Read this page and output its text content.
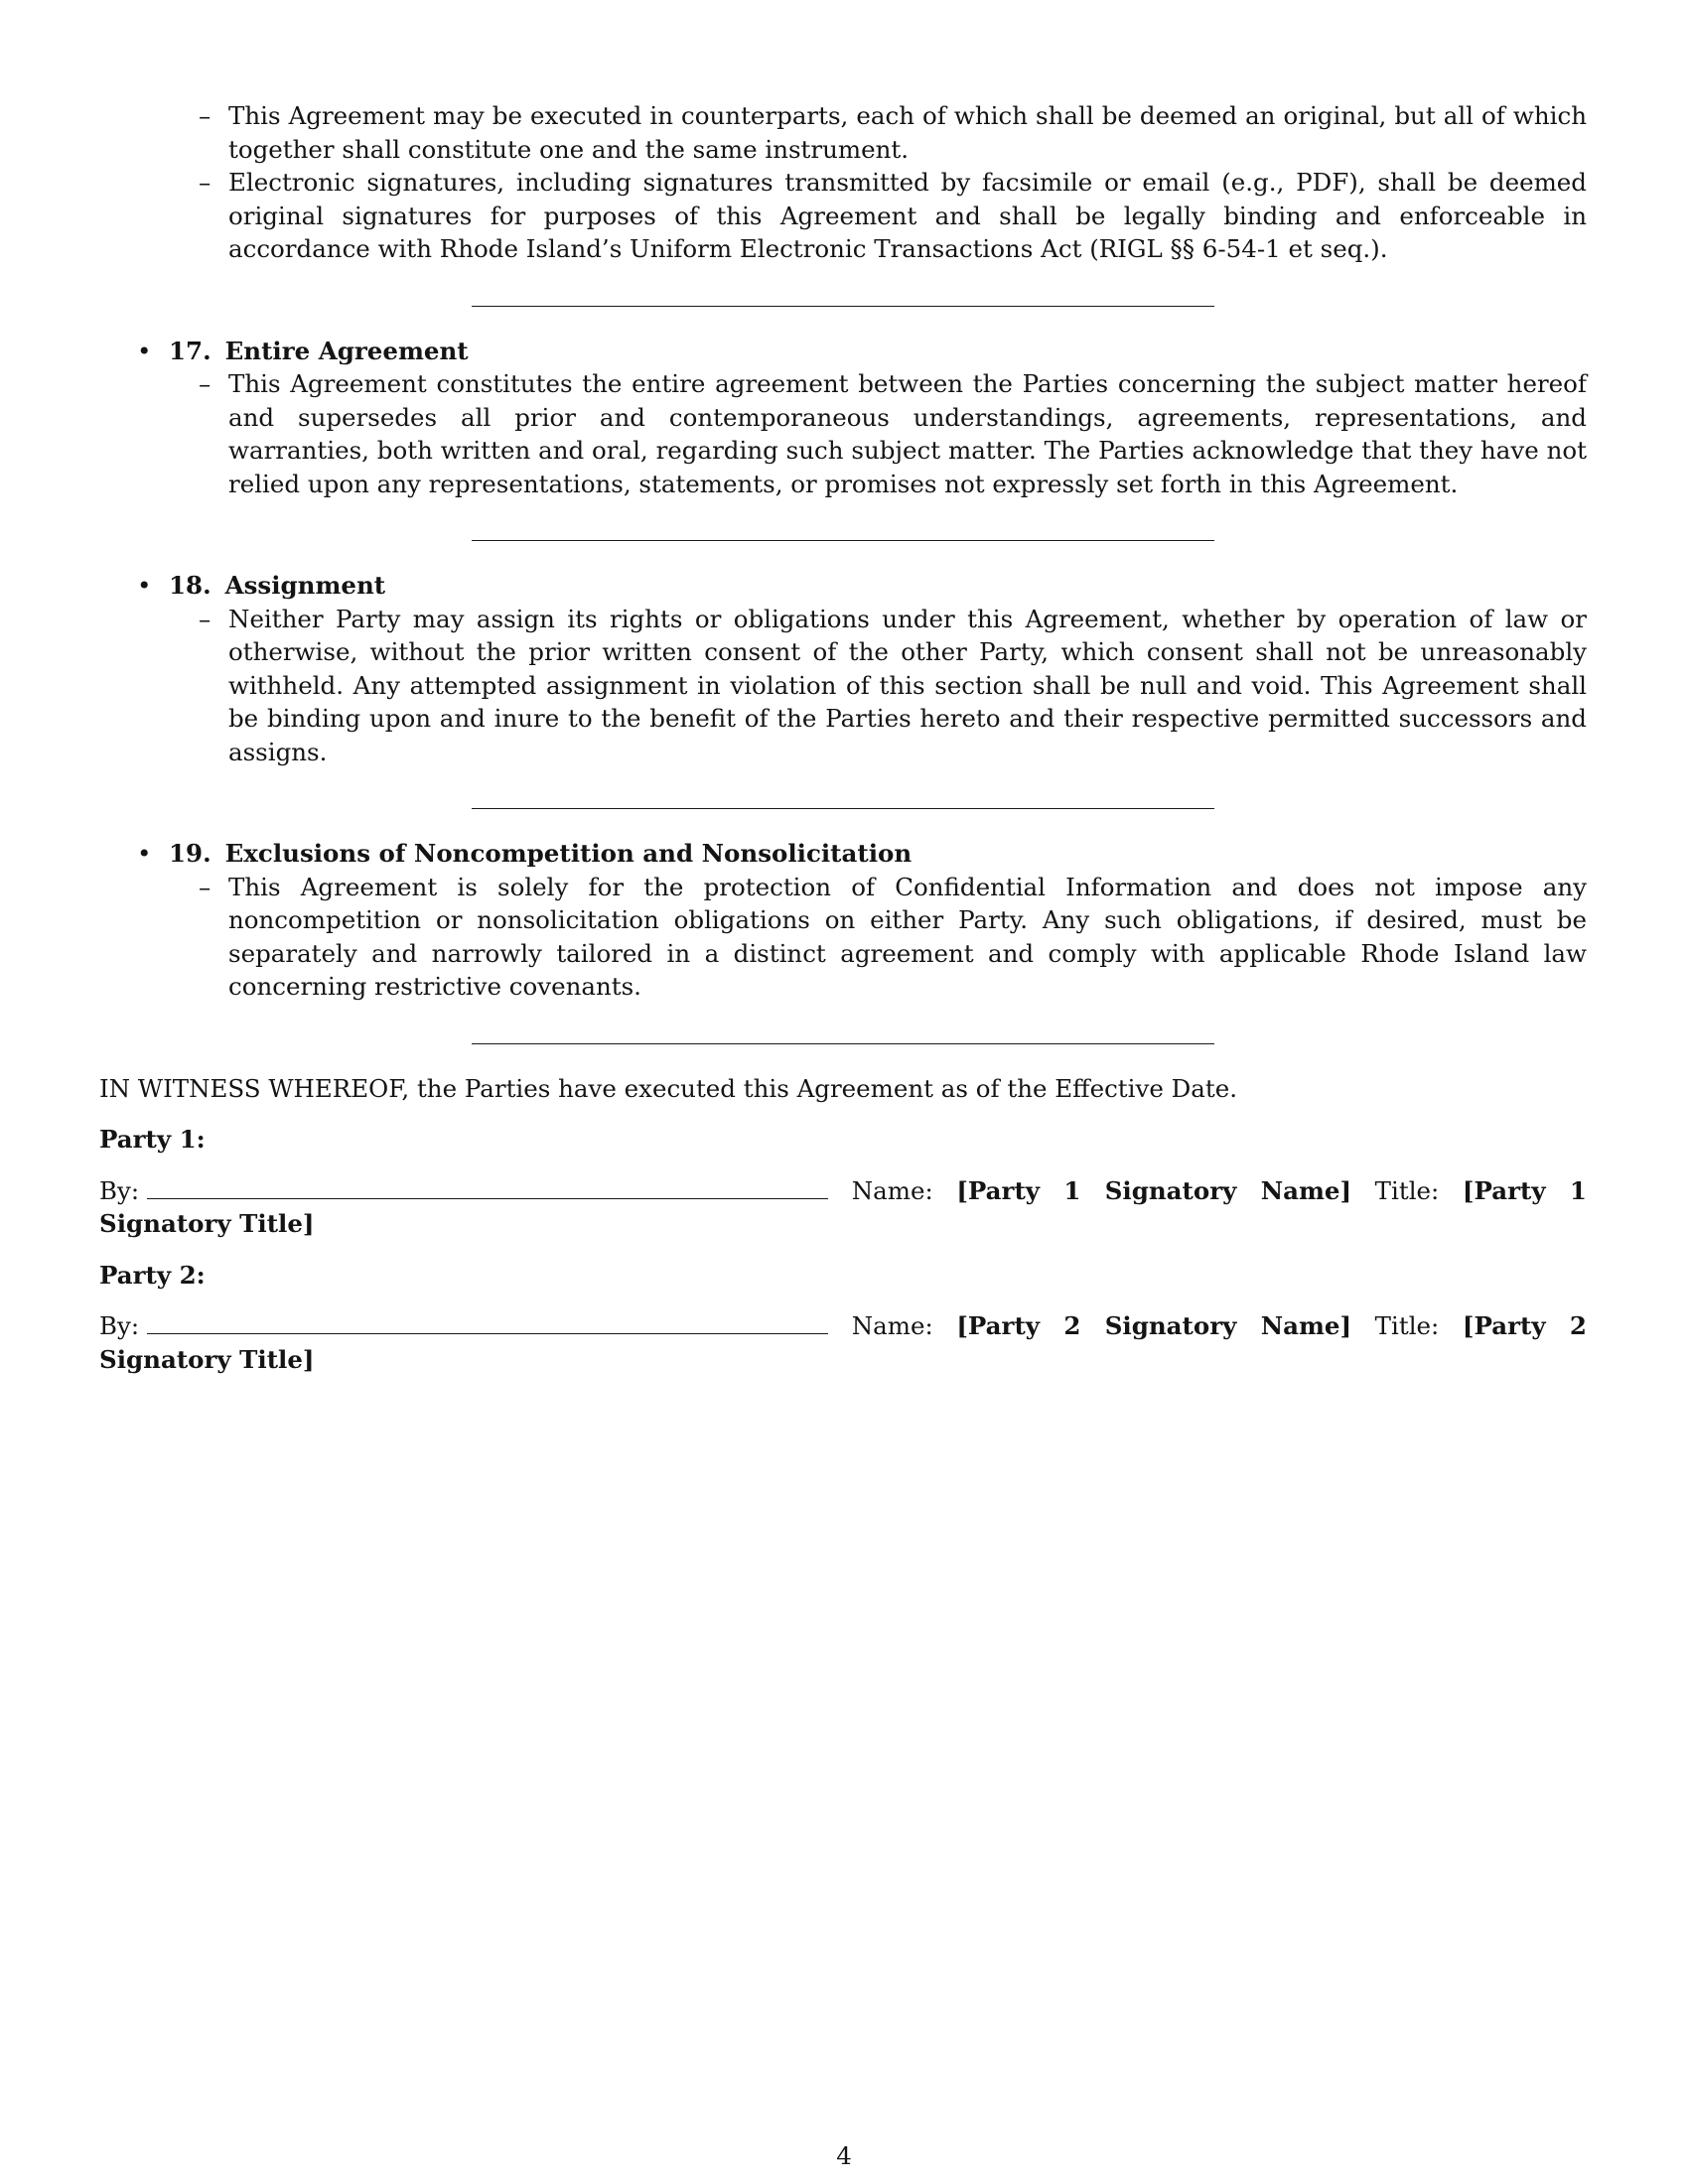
– This Agreement may be executed in counterparts, each of which shall be deemed an original, but all of which together shall constitute one and the same instrument.
– Electronic signatures, including signatures transmitted by facsimile or email (e.g., PDF), shall be deemed original signatures for purposes of this Agreement and shall be legally binding and enforceable in accordance with Rhode Island’s Uniform Electronic Transactions Act (RIGL §§ 6-54-1 et seq.).
• 17. Entire Agreement
– This Agreement constitutes the entire agreement between the Parties concerning the subject matter hereof and supersedes all prior and contemporaneous understandings, agreements, representations, and warranties, both written and oral, regarding such subject matter. The Parties acknowledge that they have not relied upon any representations, statements, or promises not expressly set forth in this Agreement.
• 18. Assignment
– Neither Party may assign its rights or obligations under this Agreement, whether by operation of law or otherwise, without the prior written consent of the other Party, which consent shall not be unreasonably withheld. Any attempted assignment in violation of this section shall be null and void. This Agreement shall be binding upon and inure to the benefit of the Parties hereto and their respective permitted successors and assigns.
• 19. Exclusions of Noncompetition and Nonsolicitation
– This Agreement is solely for the protection of Confidential Information and does not impose any noncompetition or nonsolicitation obligations on either Party. Any such obligations, if desired, must be separately and narrowly tailored in a distinct agreement and comply with applicable Rhode Island law concerning restrictive covenants.
IN WITNESS WHEREOF, the Parties have executed this Agreement as of the Effective Date.
Party 1:
By:	Name: [Party 1 Signatory Name] Title: [Party 1 Signatory Title]
Party 2:
By:	Name: [Party 2 Signatory Name] Title: [Party 2 Signatory Title]
4
